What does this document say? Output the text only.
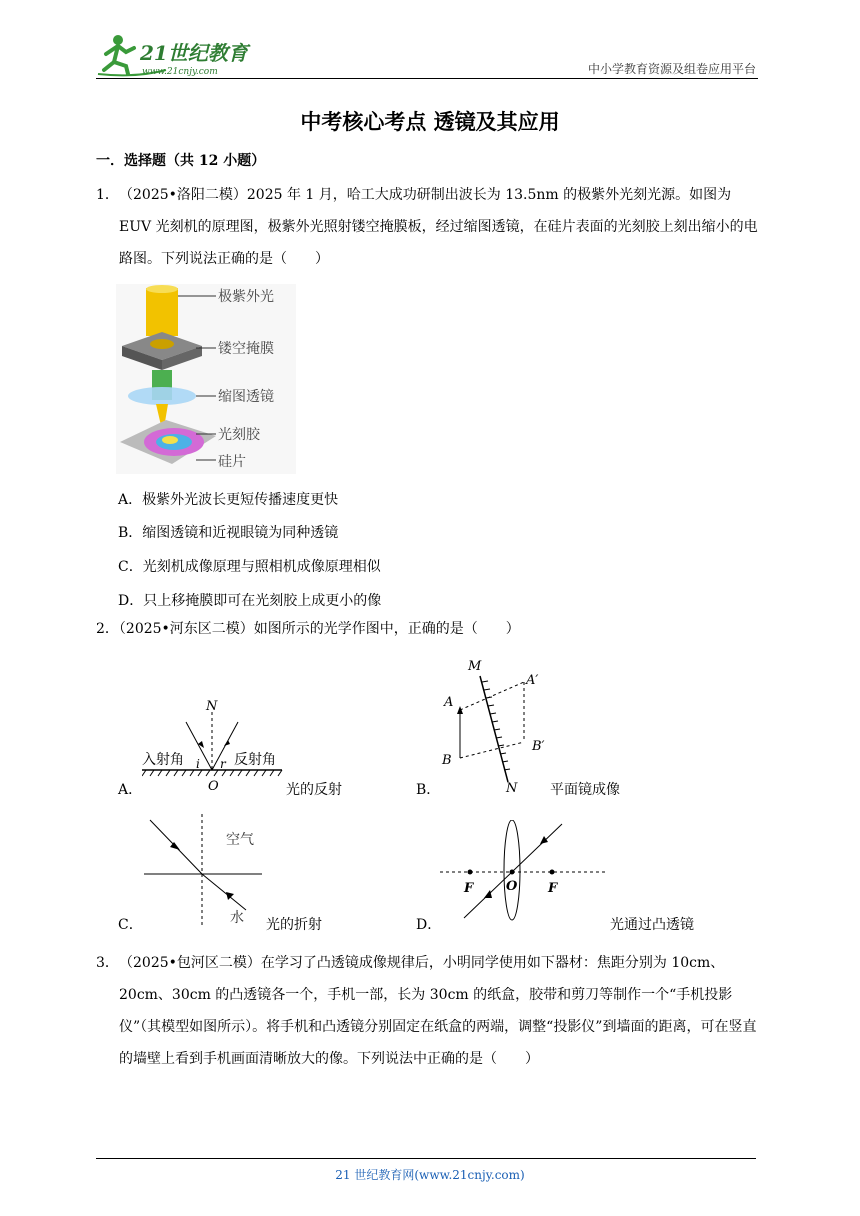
21世纪教育
www.21cnjy.com	中小学教育资源及组卷应用平台
中考核心考点 透镜及其应用
一．选择题（共 12 小题）
1． （2025•洛阳二模）2025 年 1 月，哈工大成功研制出波长为 13.5nm 的极紫外光刻光源。如图为 EUV 光刻机的原理图，极紫外光照射镂空掩膜板，经过缩图透镜，在硅片表面的光刻胶上刻出缩小的电路图。下列说法正确的是（　　）
极紫外光
镂空掩膜
缩图透镜
光刻胶
硅片
A．极紫外光波长更短传播速度更快
B．缩图透镜和近视眼镜为同种透镜
C．光刻机成像原理与照相机成像原理相似
D．只上移掩膜即可在光刻胶上成更小的像
2．（2025•河东区二模）如图所示的光学作图中，正确的是（　　）
N
入射角 i r 反射角
O
A．	光的反射
M
A
A′
B
B′
N
B．	平面镜成像
空气
水
C．	光的折射
F	O F
D．	光通过凸透镜
3． （2025•包河区二模）在学习了凸透镜成像规律后，小明同学使用如下器材：焦距分别为 10cm、20cm、30cm 的凸透镜各一个，手机一部，长为 30cm 的纸盒，胶带和剪刀等制作一个“手机投影仪”（其模型如图所示）。将手机和凸透镜分别固定在纸盒的两端，调整“投影仪”到墙面的距离，可在竖直的墙壁上看到手机画面清晰放大的像。下列说法中正确的是（　　）
21 世纪教育网(www.21cnjy.com)
